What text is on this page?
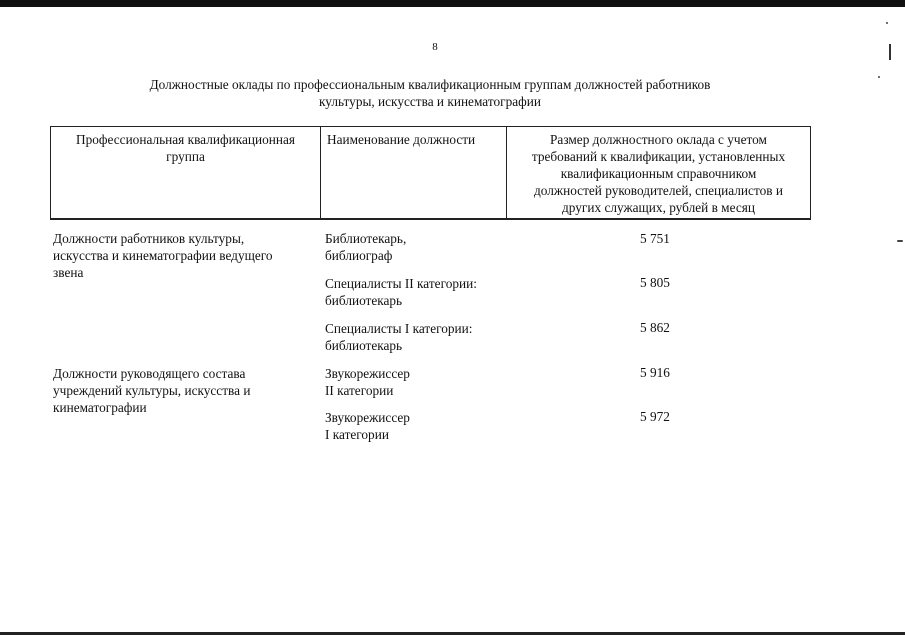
8
Должностные оклады по профессиональным квалификационным группам должностей работников
культуры, искусства и кинематографии
Профессиональная квалификационная
группа
Наименование должности	Размер должностного оклада с учетом
требований к квалификации, установленных
квалификационным справочником
должностей руководителей, специалистов и
других служащих, рублей в месяц
Должности работников культуры,
искусства и кинематографии ведущего
звена
Библиотекарь,
библиограф
5 751
Специалисты II категории:
библиотекарь
5 805
Специалисты I категории:
библиотекарь
5 862
Должности руководящего состава
учреждений культуры, искусства и
кинематографии
Звукорежиссер
II категории
5 916
Звукорежиссер
I категории
5 972
